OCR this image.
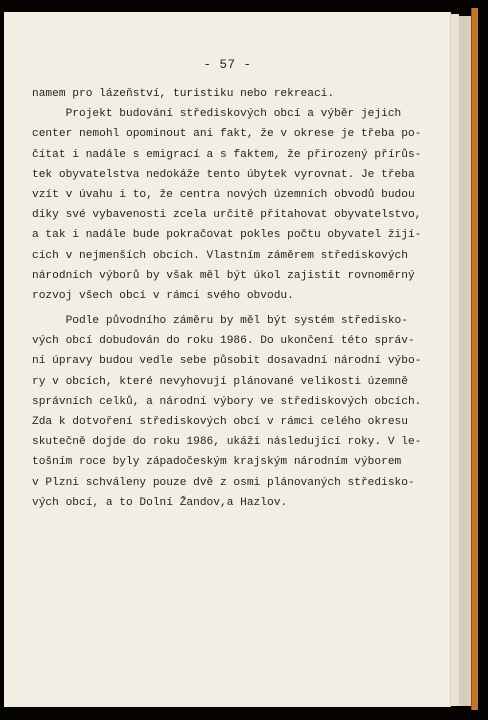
- 57 -
namem pro lázeňství, turistiku nebo rekreaci.
Projekt budování střediskových obcí a výběr jejich
center nemohl opominout ani fakt, že v okrese je třeba po-
čítat i nadále s emigrací a s faktem, že přirozený přírůs-
tek obyvatelstva nedokáže tento úbytek vyrovnat. Je třeba
vzít v úvahu i to, že centra nových územních obvodů budou
díky své vybavenosti zcela určitě přitahovat obyvatelstvo,
a tak i nadále bude pokračovat pokles počtu obyvatel žijí-
cích v nejmenších obcích. Vlastním záměrem střediskových
národních výborů by však měl být úkol zajistit rovnoměrný
rozvoj všech obcí v rámci svého obvodu.
Podle původního záměru by měl být systém středisko-
vých obcí dobudován do roku 1986. Do ukončení této správ-
ní úpravy budou vedle sebe působit dosavadní národní výbo-
ry v obcích, které nevyhovují plánované velikosti územně
správních celků, a národní výbory ve střediskových obcích.
Zda k dotvoření střediskových obcí v rámci celého okresu
skutečně dojde do roku 1986, ukáží následující roky. V le-
tošním roce byly západočeským krajským národním výborem
v Plzni schváleny pouze dvě z osmi plánovaných středisko-
vých obcí, a to Dolní Žandov,a Hazlov.
